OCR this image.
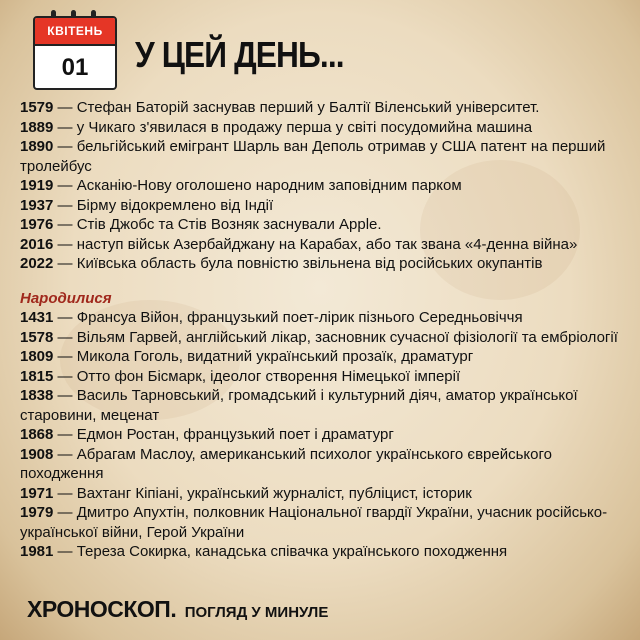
КВІТЕНЬ
01	У ЦЕЙ ДЕНЬ...
1579 — Стефан Баторій заснував перший у Балтії Віленський університет.
1889 — у Чикаго з'явилася в продажу перша у світі посудомийна машина
1890 — бельгійський емігрант Шарль ван Деполь отримав у США патент на перший тролейбус
1919 — Асканію-Нову оголошено народним заповідним парком
1937 — Бірму відокремлено від Індії
1976 — Стів Джобс та Стів Возняк заснували Apple.
2016 — наступ військ Азербайджану на Карабах, або так звана «4-денна війна»
2022 — Київська область була повністю звільнена від російських окупантів
Народилися
1431 — Франсуа Війон, французький поет-лірик пізнього Середньовіччя
1578 — Вільям Гарвей, англійський лікар, засновник сучасної фізіології та ембріології
1809 — Микола Гоголь, видатний український прозаїк, драматург
1815 — Отто фон Бісмарк, ідеолог створення Німецької імперії
1838 — Василь Тарновський, громадський і культурний діяч, аматор української старовини, меценат
1868 — Едмон Ростан, французький поет і драматург
1908 — Абрагам Маслоу, американський психолог українського єврейського походження
1971 — Вахтанг Кіпіані, український журналіст, публіцист, історик
1979 — Дмитро Апухтін, полковник Національної гвардії України, учасник російсько-української війни, Герой України
1981 — Тереза Сокирка, канадська співачка українського походження
ХРОНОСКОП. ПОГЛЯД У МИНУЛЕ
